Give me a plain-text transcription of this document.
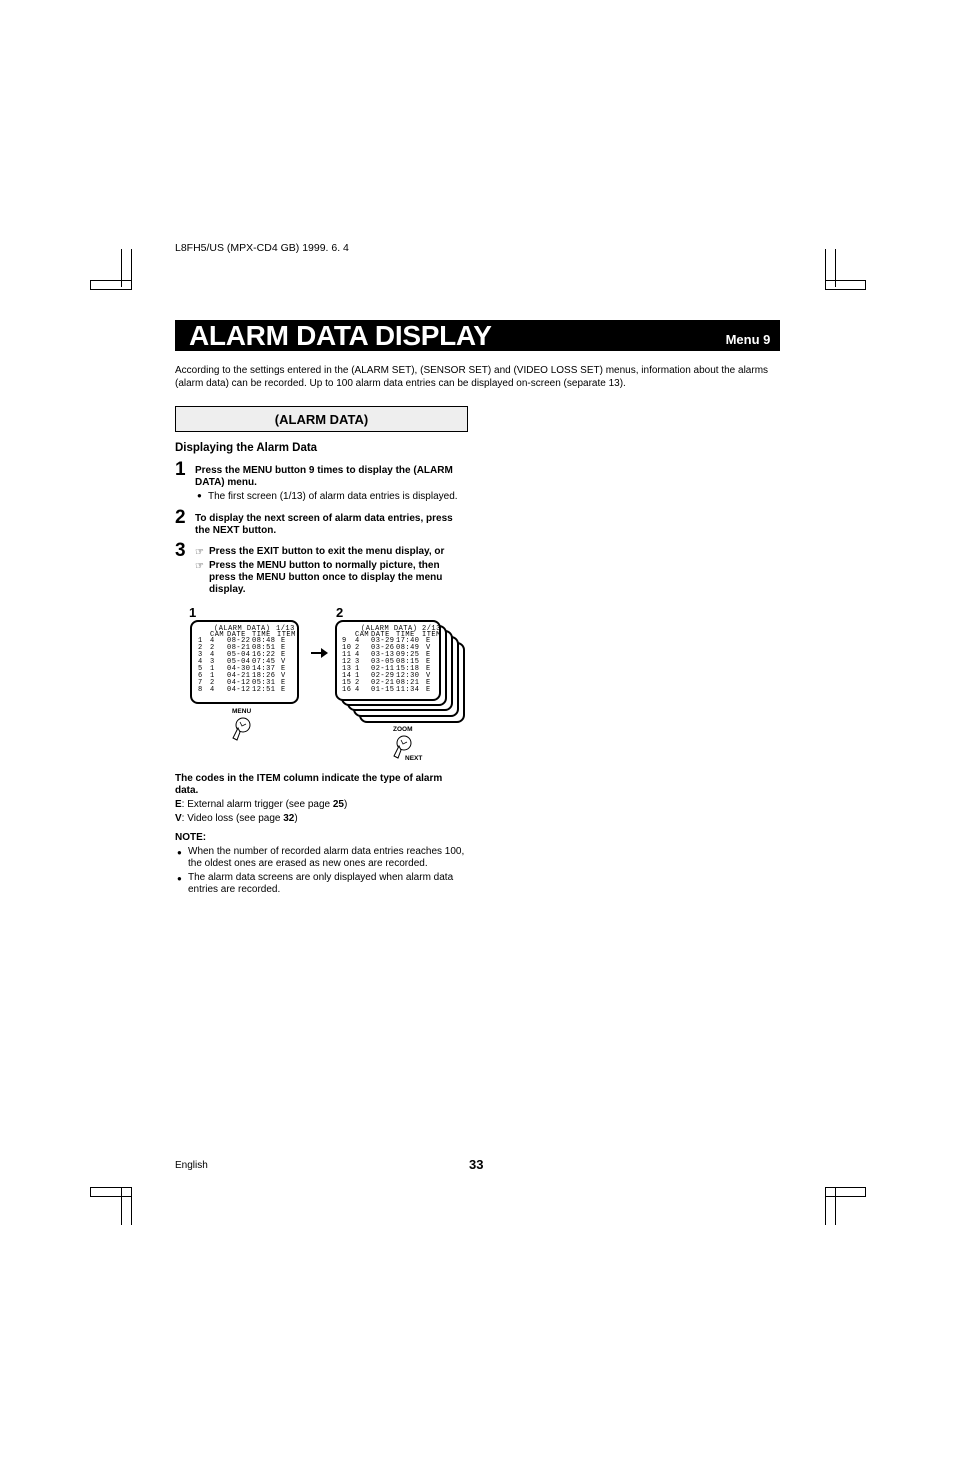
L8FH5/US (MPX-CD4 GB) 1999. 6. 4
ALARM DATA DISPLAY	Menu 9
According to the settings entered in the (ALARM SET), (SENSOR SET) and (VIDEO LOSS SET) menus, information about the alarms (alarm data) can be recorded. Up to 100 alarm data entries can be displayed on-screen (separate 13).
(ALARM DATA)
Displaying the Alarm Data
1 Press the MENU button 9 times to display the (ALARM DATA) menu.
● The first screen (1/13) of alarm data entries is displayed.
2 To display the next screen of alarm data entries, press the NEXT button.
3 ☞ Press the EXIT button to exit the menu display, or
☞ Press the MENU button to normally picture, then press the MENU button once to display the menu display.
1	2
(ALARM DATA) 1/13
CAM DATE TIME ITEM
1 4 08-22 08:48 E
2 2 08-21 08:51 E
3 4 05-04 16:22 E
4 3 05-04 07:45 V
5 1 04-30 14:37 E
6 1 04-21 18:26 V
7 2 04-12 05:31 E
8 4 04-12 12:51 E
(ALARM DATA) 2/13
CAM DATE TIME ITEM
9 4 03-29 17:40 E
10 2 03-26 08:49 V
11 4 03-13 09:25 E
12 3 03-05 08:15 E
13 1 02-11 15:18 E
14 1 02-29 12:30 V
15 2 02-21 08:21 E
16 4 01-15 11:34 E
MENU
ZOOM
NEXT
The codes in the ITEM column indicate the type of alarm data.
E: External alarm trigger (see page 25)
V: Video loss (see page 32)
NOTE:
● When the number of recorded alarm data entries reaches 100, the oldest ones are erased as new ones are recorded.
● The alarm data screens are only displayed when alarm data entries are recorded.
English	33
